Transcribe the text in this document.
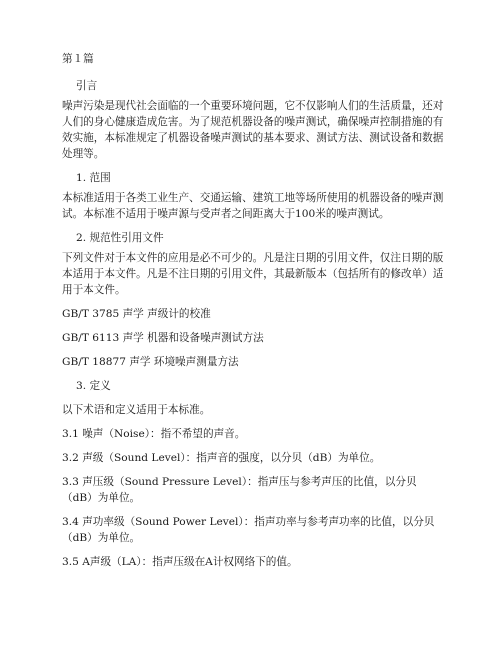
第１篇
引言
噪声污染是现代社会面临的一个重要环境问题，它不仅影响人们的生活质量，还对人们的身心健康造成危害。为了规范机器设备的噪声测试，确保噪声控制措施的有效实施，本标准规定了机器设备噪声测试的基本要求、测试方法、测试设备和数据处理等。
1. 范围
本标准适用于各类工业生产、交通运输、建筑工地等场所使用的机器设备的噪声测试。本标准不适用于噪声源与受声者之间距离大于100米的噪声测试。
2. 规范性引用文件
下列文件对于本文件的应用是必不可少的。凡是注日期的引用文件，仅注日期的版本适用于本文件。凡是不注日期的引用文件，其最新版本（包括所有的修改单）适用于本文件。
GB/T 3785 声学 声级计的校准
GB/T 6113 声学 机器和设备噪声测试方法
GB/T 18877 声学 环境噪声测量方法
3. 定义
以下术语和定义适用于本标准。
3.1 噪声（Noise）：指不希望的声音。
3.2 声级（Sound Level）：指声音的强度，以分贝（dB）为单位。
3.3 声压级（Sound Pressure Level）：指声压与参考声压的比值，以分贝（dB）为单位。
3.4 声功率级（Sound Power Level）：指声功率与参考声功率的比值，以分贝（dB）为单位。
3.5 A声级（LA）：指声压级在A计权网络下的值。
